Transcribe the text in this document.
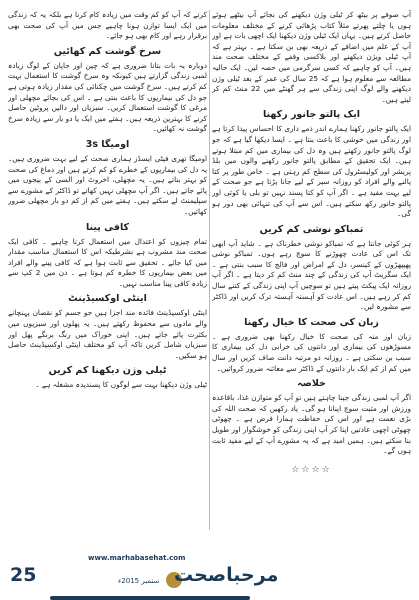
آپ صوفے پر بیٹھ کر ٹیلی وژن دیکھنے کی بجائے آپ بیٹھے ہوئے ہوں یا چلتے پھرتے مثلاً کتاب پڑھائی کرنے کے مختلف معلومات حاصل کرتے ہیں۔ یہاں ایک ٹیلی وژن دیکھنا ایک اچھی بات ہے اور آپ کے علم میں اضافے کے ذریعہ بھی بن سکتا ہے ۔ بہتر ہے کہ آپ ٹیلی ویژن دیکھنے اور بلاکسی وقفے کے مختلف صحت مند ہیں۔ آپ کو چاہیے کہ کسی سرگرمی میں حصہ لیں۔ ایک حالیہ مطالعہ سے معلوم ہوا ہے کہ 25 سال کی عمر کے بعد ٹیلی وژن دیکھنے والے لوگ اپنی زندگی سے ہر گھنٹے میں 22 منٹ کم کر لیتے ہیں۔

ایک پالتو جانور رکھنا

ایک پالتو جانور رکھنا ہمارے اندر ذمے داری کا احساس پیدا کرتا ہے اور زندگی میں خوشی کا باعث بنتا ہے ۔ ایسا دیکھا گیا ہے کہ جو لوگ پالتو جانور رکھتے ہیں وہ دل کی بیماری میں کم مبتلا ہوتے ہیں۔ ایک تحقیق کے مطابق پالتو جانور رکھنے والوں میں بلڈ پریشر اور کولیسٹرول کی سطح کم رہتی ہے ۔ خاص طور پر کتا پالنے والے افراد کو روزانہ سیر کے لیے جانا پڑتا ہے جو صحت کے لیے بہت مفید ہے ۔ اگر آپ کو کتا پسند نہیں تو بلی یا کوئی اور پالتو جانور رکھ سکتے ہیں۔ اس سے آپ کی تنہائی بھی دور ہو گی۔

تمباکو نوشی کم کریں

ہر کوئی جانتا ہے کہ تمباکو نوشی خطرناک ہے ۔ شاید آپ ابھی تک اس کی عادت چھوڑنے کا سوچ رہے ہوں۔ تمباکو نوشی پھیپھڑوں کے کینسر، دل کے امراض اور فالج کا سبب بنتی ہے ۔ ایک سگریٹ آپ کی زندگی کے چند منٹ کم کر دیتا ہے ۔ اگر آپ روزانہ ایک پیکٹ پیتے ہیں تو سوچیں آپ اپنی زندگی کے کتنے سال کم کر رہے ہیں۔ اس عادت کو آہستہ آہستہ ترک کریں اور ڈاکٹر سے مشورہ لیں۔

زبان کی صحت کا خیال رکھنا

زبان اور منہ کی صحت کا خیال رکھنا بھی ضروری ہے ۔ مسوڑھوں کی بیماری اور دانتوں کی خرابی دل کی بیماری کا سبب بن سکتی ہے ۔ روزانہ دو مرتبہ دانت صاف کریں اور سال میں کم از کم ایک بار دانتوں کے ڈاکٹر سے معائنہ ضرور کروائیں۔

خلاصہ

اگر آپ لمبی زندگی جینا چاہتے ہیں تو آپ کو متوازن غذا، باقاعدہ ورزش اور مثبت سوچ اپنانا ہو گی۔ یاد رکھیں کہ صحت اللہ کی بڑی نعمت ہے اور اس کی حفاظت ہمارا فرض ہے ۔ چھوٹی چھوٹی اچھی عادتیں اپنا کر آپ اپنی زندگی کو خوشگوار اور طویل بنا سکتے ہیں۔ ہمیں امید ہے کہ یہ مشورے آپ کے لیے مفید ثابت ہوں گے۔

☆☆☆☆

کرتے کہ آپ کو کم وقت میں زیادہ کام کرنا ہے بلکہ یہ کہ زندگی میں ایک ایسا توازن ہونا چاہیے جس میں آپ کی صحت بھی برقرار رہے اور کام بھی ہو جائے۔

سرخ گوشت کم کھائیں

دوبارہ یہ بات بتانا ضروری ہے کہ چین اور جاپان کے لوگ زیادہ لمبی زندگی گزارتے ہیں کیونکہ وہ سرخ گوشت کا استعمال بہت کم کرتے ہیں۔ سرخ گوشت میں چکنائی کی مقدار زیادہ ہوتی ہے جو دل کی بیماریوں کا باعث بنتی ہے ۔ اس کی بجائے مچھلی اور مرغی کا گوشت استعمال کریں۔ سبزیاں اور دالیں پروٹین حاصل کرنے کا بہترین ذریعہ ہیں۔ ہفتے میں ایک یا دو بار سے زیادہ سرخ گوشت نہ کھائیں۔

اومیگا 3s

اومیگا تھری فیٹی ایسڈز ہماری صحت کے لیے بہت ضروری ہیں۔ یہ دل کی بیماریوں کے خطرے کو کم کرتے ہیں اور دماغ کی صحت کو بہتر بناتے ہیں۔ یہ مچھلی، اخروٹ اور السی کے بیجوں میں پائے جاتے ہیں۔ اگر آپ مچھلی نہیں کھاتے تو ڈاکٹر کے مشورے سے سپلیمنٹ لے سکتے ہیں۔ ہفتے میں کم از کم دو بار مچھلی ضرور کھائیں۔

کافی پینا

تمام چیزوں کو اعتدال میں استعمال کرنا چاہیے ۔ کافی ایک صحت مند مشروب ہے بشرطیکہ اس کا استعمال مناسب مقدار میں کیا جائے ۔ تحقیق سے ثابت ہوا ہے کہ کافی پینے والے افراد میں بعض بیماریوں کا خطرہ کم ہوتا ہے ۔ دن میں 2 کپ سے زیادہ کافی پینا مناسب نہیں۔

اینٹی اوکسیڈینٹ

اینٹی اوکسیڈینٹ فائدہ مند اجزا ہیں جو جسم کو نقصان پہنچانے والے مادوں سے محفوظ رکھتے ہیں۔ یہ پھلوں اور سبزیوں میں بکثرت پائے جاتے ہیں۔ اپنی خوراک میں رنگ برنگے پھل اور سبزیاں شامل کریں تاکہ آپ کو مختلف اینٹی اوکسیڈینٹ حاصل ہو سکیں۔

ٹیلی وژن دیکھنا کم کریں

ٹیلی وژن دیکھنا بہت سے لوگوں کا پسندیدہ مشغلہ ہے ۔

25
www.marhabasehat.com
ستمبر 2015ء مرحباصحت
